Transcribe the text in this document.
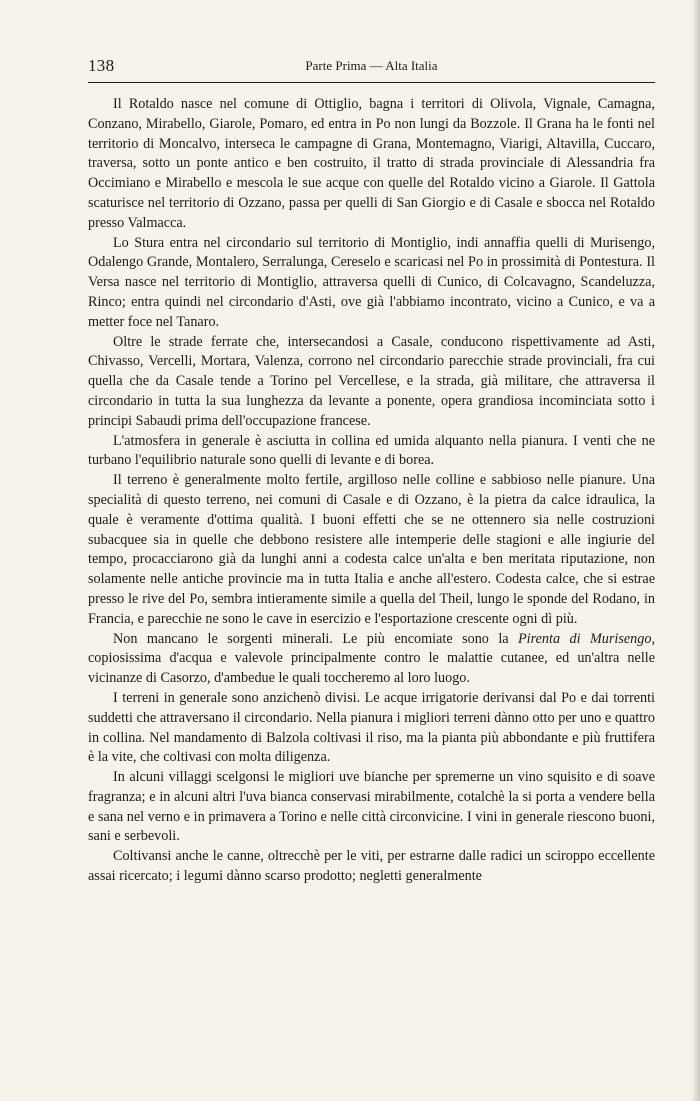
138	Parte Prima — Alta Italia

Il Rotaldo nasce nel comune di Ottiglio, bagna i territori di Olivola, Vignale, Camagna, Conzano, Mirabello, Giarole, Pomaro, ed entra in Po non lungi da Bozzole. Il Grana ha le fonti nel territorio di Moncalvo, interseca le campagne di Grana, Montemagno, Viarigi, Altavilla, Cuccaro, traversa, sotto un ponte antico e ben costruito, il tratto di strada provinciale di Alessandria fra Occimiano e Mirabello e mescola le sue acque con quelle del Rotaldo vicino a Giarole. Il Gattola scaturisce nel territorio di Ozzano, passa per quelli di San Giorgio e di Casale e sbocca nel Rotaldo presso Valmacca.

Lo Stura entra nel circondario sul territorio di Montiglio, indi annaffia quelli di Murisengo, Odalengo Grande, Montalero, Serralunga, Cereselo e scaricasi nel Po in prossimità di Pontestura. Il Versa nasce nel territorio di Montiglio, attraversa quelli di Cunico, di Colcavagno, Scandeluzza, Rinco; entra quindi nel circondario d'Asti, ove già l'abbiamo incontrato, vicino a Cunico, e va a metter foce nel Tanaro.

Oltre le strade ferrate che, intersecandosi a Casale, conducono rispettivamente ad Asti, Chivasso, Vercelli, Mortara, Valenza, corrono nel circondario parecchie strade provinciali, fra cui quella che da Casale tende a Torino pel Vercellese, e la strada, già militare, che attraversa il circondario in tutta la sua lunghezza da levante a ponente, opera grandiosa incominciata sotto i principi Sabaudi prima dell'occupazione francese.

L'atmosfera in generale è asciutta in collina ed umida alquanto nella pianura. I venti che ne turbano l'equilibrio naturale sono quelli di levante e di borea.

Il terreno è generalmente molto fertile, argilloso nelle colline e sabbioso nelle pianure. Una specialità di questo terreno, nei comuni di Casale e di Ozzano, è la pietra da calce idraulica, la quale è veramente d'ottima qualità. I buoni effetti che se ne ottennero sia nelle costruzioni subacquee sia in quelle che debbono resistere alle intemperie delle stagioni e alle ingiurie del tempo, procacciarono già da lunghi anni a codesta calce un'alta e ben meritata riputazione, non solamente nelle antiche provincie ma in tutta Italia e anche all'estero. Codesta calce, che si estrae presso le rive del Po, sembra intieramente simile a quella del Theil, lungo le sponde del Rodano, in Francia, e parecchie ne sono le cave in esercizio e l'esportazione crescente ogni dì più.

Non mancano le sorgenti minerali. Le più encomiate sono la Pirenta di Murisengo, copiosissima d'acqua e valevole principalmente contro le malattie cutanee, ed un'altra nelle vicinanze di Casorzo, d'ambedue le quali toccheremo al loro luogo.

I terreni in generale sono anzichenò divisi. Le acque irrigatorie derivansi dal Po e dai torrenti suddetti che attraversano il circondario. Nella pianura i migliori terreni dànno otto per uno e quattro in collina. Nel mandamento di Balzola coltivasi il riso, ma la pianta più abbondante e più fruttifera è la vite, che coltivasi con molta diligenza.

In alcuni villaggi scelgonsi le migliori uve bianche per spremerne un vino squisito e di soave fragranza; e in alcuni altri l'uva bianca conservasi mirabilmente, cotalchè la si porta a vendere bella e sana nel verno e in primavera a Torino e nelle città circonvicine. I vini in generale riescono buoni, sani e serbevoli.

Coltivansi anche le canne, oltrecchè per le viti, per estrarne dalle radici un sciroppo eccellente assai ricercato; i legumi dànno scarso prodotto; negletti generalmente
